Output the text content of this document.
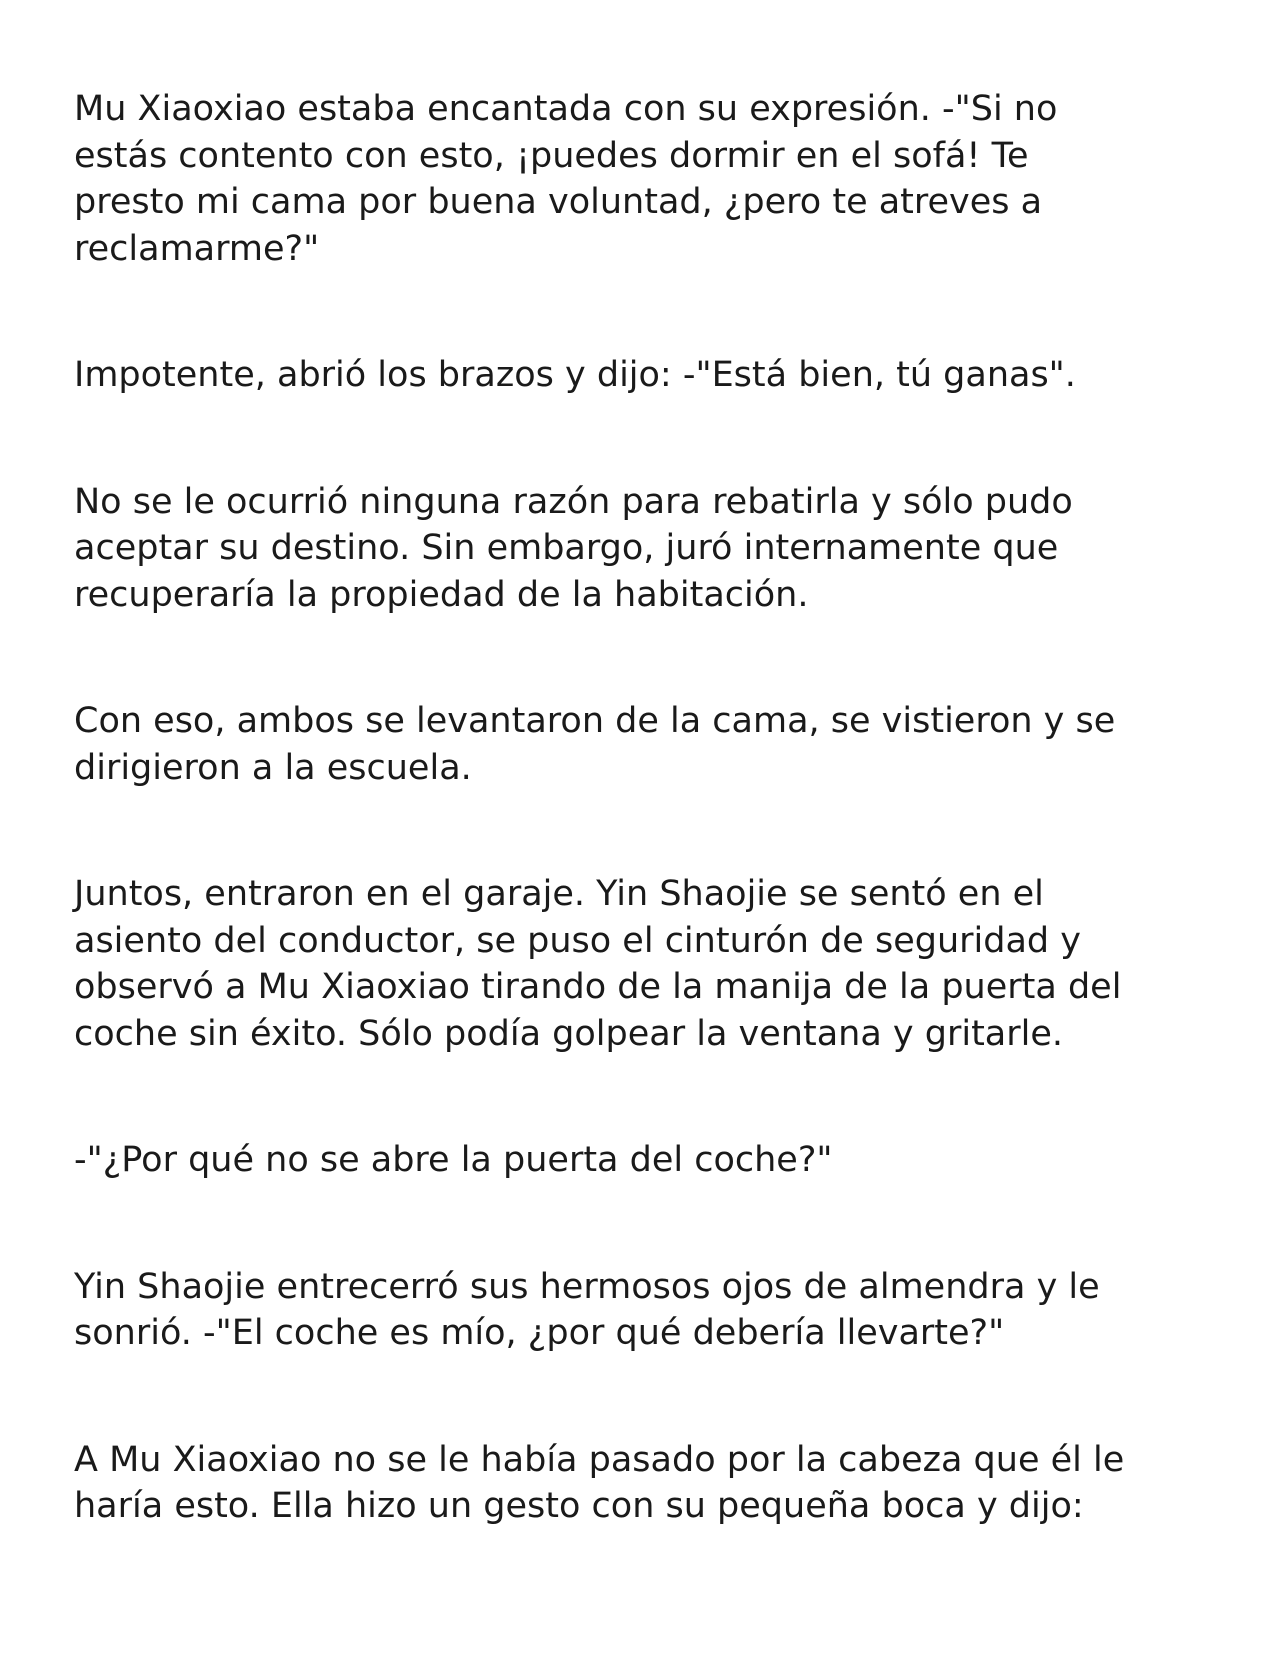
Mu Xiaoxiao estaba encantada con su expresión. -"Si no
estás contento con esto, ¡puedes dormir en el sofá! Te
presto mi cama por buena voluntad, ¿pero te atreves a
reclamarme?"

Impotente, abrió los brazos y dijo: -"Está bien, tú ganas".

No se le ocurrió ninguna razón para rebatirla y sólo pudo
aceptar su destino. Sin embargo, juró internamente que
recuperaría la propiedad de la habitación.

Con eso, ambos se levantaron de la cama, se vistieron y se
dirigieron a la escuela.

Juntos, entraron en el garaje. Yin Shaojie se sentó en el
asiento del conductor, se puso el cinturón de seguridad y
observó a Mu Xiaoxiao tirando de la manija de la puerta del
coche sin éxito. Sólo podía golpear la ventana y gritarle.

-"¿Por qué no se abre la puerta del coche?"

Yin Shaojie entrecerró sus hermosos ojos de almendra y le
sonrió. -"El coche es mío, ¿por qué debería llevarte?"

A Mu Xiaoxiao no se le había pasado por la cabeza que él le
haría esto. Ella hizo un gesto con su pequeña boca y dijo:
